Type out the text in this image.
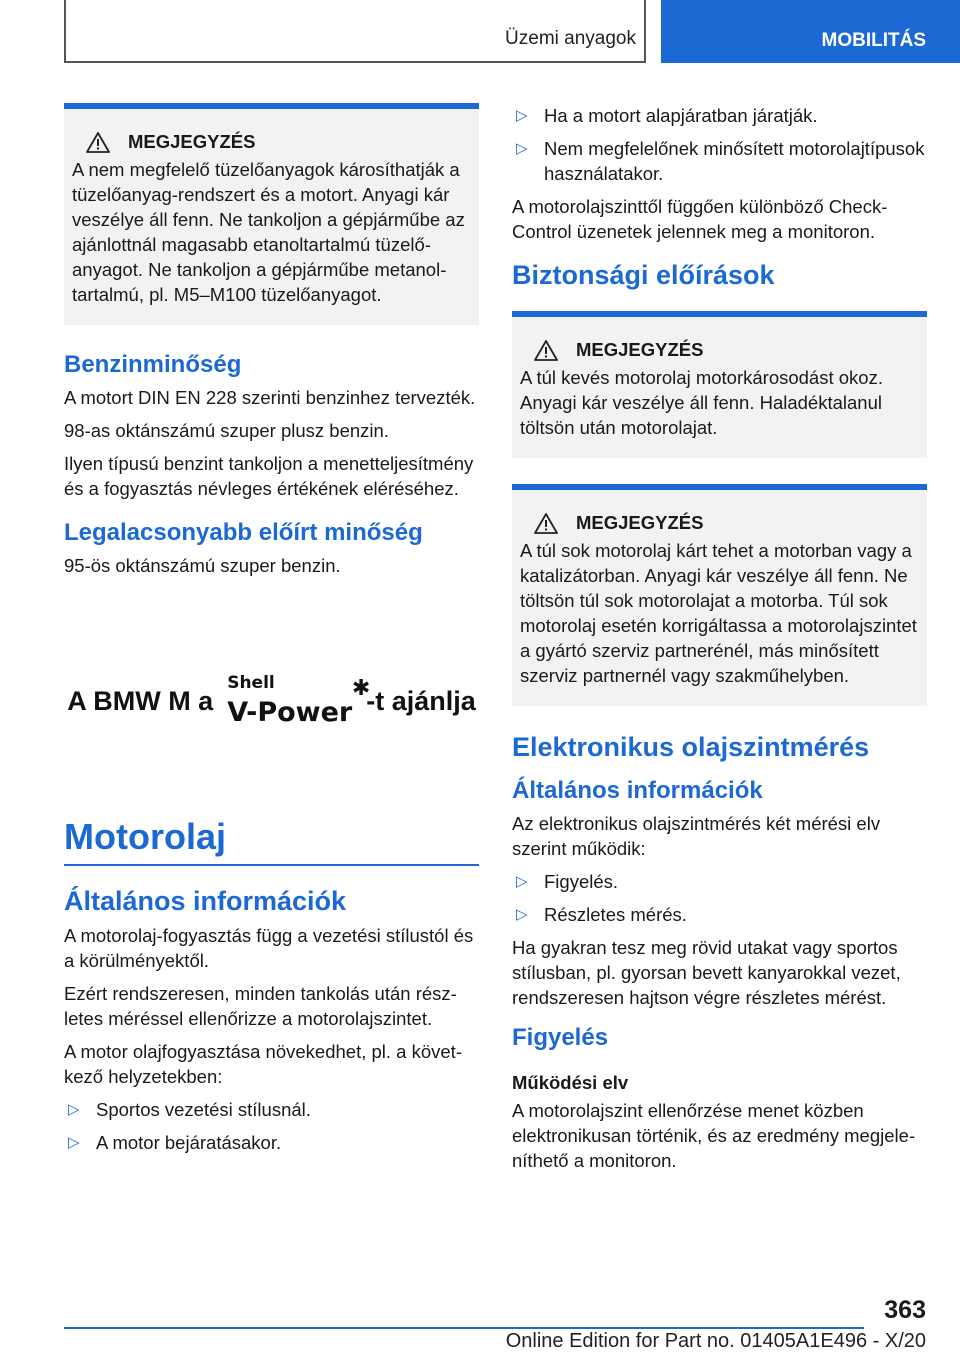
Üzemi anyagok	MOBILITÁS
MEGJEGYZÉS

A nem megfelelő tüzelőanyagok károsíthatják a tüzelőanyag-rendszert és a motort. Anyagi kár veszélye áll fenn. Ne tankoljon a gépjárműbe az ajánlottnál magasabb etanoltartalmú tüzelőanyagot. Ne tankoljon a gépjárműbe metanoltartalmú, pl. M5–M100 tüzelőanyagot.

Benzinminőség

A motort DIN EN 228 szerinti benzinhez tervezték.

98-as oktánszámú szuper plusz benzin.

Ilyen típusú benzint tankoljon a menetteljesítmény és a fogyasztás névleges értékének eléréséhez.

Legalacsonyabb előírt minőség

95-ös oktánszámú szuper benzin.

A BMW M a
Shell
V-Power
✱
-t ajánlja
Motorolaj
Általános információk

A motorolaj-fogyasztás függ a vezetési stílustól és a körülményektől.

Ezért rendszeresen, minden tankolás után részletes méréssel ellenőrizze a motorolajszintet.

A motor olajfogyasztása növekedhet, pl. a következő helyzetekben:

▷ Sportos vezetési stílusnál.

▷ A motor bejáratásakor.

▷ Ha a motort alapjáratban járatják.

▷ Nem megfelelőnek minősített motorolajtípusok használatakor.

A motorolajszinttől függően különböző Check-Control üzenetek jelennek meg a monitoron.

Biztonsági előírások
MEGJEGYZÉS

A túl kevés motorolaj motorkárosodást okoz. Anyagi kár veszélye áll fenn. Haladéktalanul töltsön után motorolajat.

MEGJEGYZÉS

A túl sok motorolaj kárt tehet a motorban vagy a katalizátorban. Anyagi kár veszélye áll fenn. Ne töltsön túl sok motorolajat a motorba. Túl sok motorolaj esetén korrigáltassa a motorolajszintet a gyártó szerviz partnerénél, más minősített szerviz partnernél vagy szakműhelyben.

Elektronikus olajszintmérés
Általános információk

Az elektronikus olajszintmérés két mérési elv szerint működik:

▷ Figyelés.

▷ Részletes mérés.

Ha gyakran tesz meg rövid utakat vagy sportos stílusban, pl. gyorsan bevett kanyarokkal vezet, rendszeresen hajtson végre részletes mérést.

Figyelés
Működési elv

A motorolajszint ellenőrzése menet közben elektronikusan történik, és az eredmény megjeleníthető a monitoron.

363
Online Edition for Part no. 01405A1E496 - X/20
